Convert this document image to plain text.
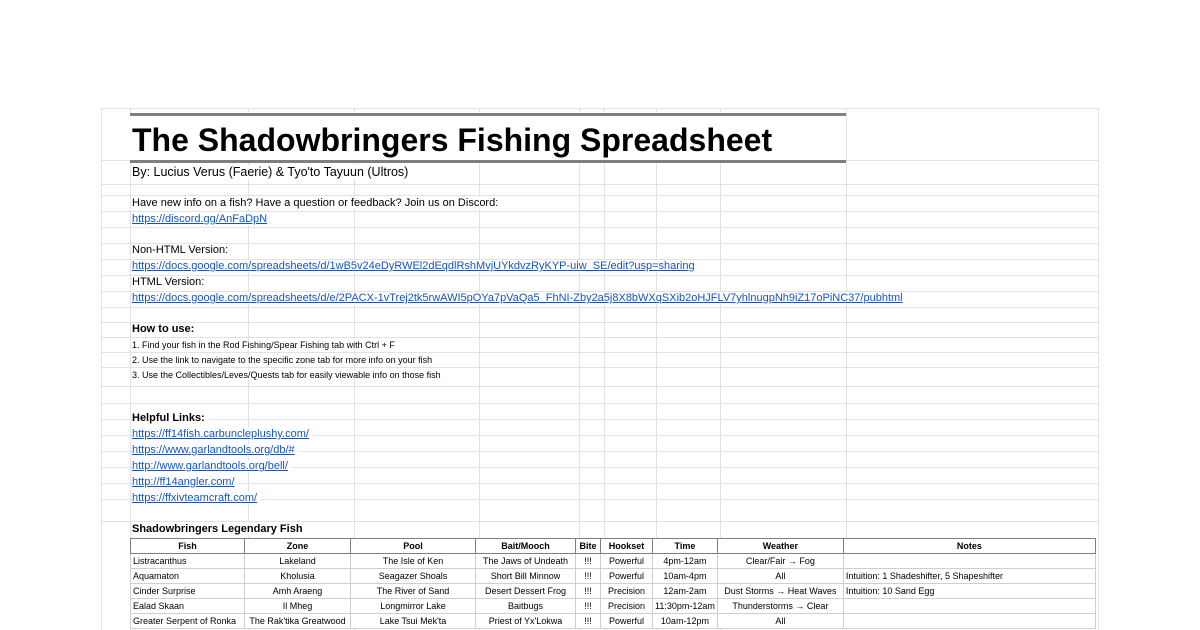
The Shadowbringers Fishing Spreadsheet
By: Lucius Verus (Faerie) & Tyo'to Tayuun (Ultros)
Have new info on a fish? Have a question or feedback? Join us on Discord:
https://discord.gg/AnFaDpN
Non-HTML Version:
https://docs.google.com/spreadsheets/d/1wB5v24eDyRWEl2dEqdlRshMvjUYkdvzRyKYP-uiw_SE/edit?usp=sharing
HTML Version:
https://docs.google.com/spreadsheets/d/e/2PACX-1vTrej2tk5rwAWI5pOYa7pVaQa5_FhNI-Zby2a5j8X8bWXqSXib2oHJFLV7yhlnugpNh9iZ17oPiNC37/pubhtml
How to use:
1. Find your fish in the Rod Fishing/Spear Fishing tab with Ctrl + F
2. Use the link to navigate to the specific zone tab for more info on your fish
3. Use the Collectibles/Leves/Quests tab for easily viewable info on those fish
Helpful Links:
https://ff14fish.carbuncleplushy.com/
https://www.garlandtools.org/db/#
http://www.garlandtools.org/bell/
http://ff14angler.com/
https://ffxivteamcraft.com/
Shadowbringers Legendary Fish
Fish	Zone	Pool	Bait/Mooch	Bite	Hookset	Time	Weather	Notes
Listracanthus	Lakeland	The Isle of Ken	The Jaws of Undeath	!!!	Powerful	4pm-12am	Clear/Fair → Fog	
Aquamaton	Kholusia	Seagazer Shoals	Short Bill Minnow	!!!	Powerful	10am-4pm	All	Intuition: 1 Shadeshifter, 5 Shapeshifter
Cinder Surprise	Amh Araeng	The River of Sand	Desert Dessert Frog	!!!	Precision	12am-2am	Dust Storms → Heat Waves	Intuition: 10 Sand Egg
Ealad Skaan	Il Mheg	Longmirror Lake	Baitbugs	!!!	Precision	11:30pm-12am	Thunderstorms → Clear	
Greater Serpent of Ronka	The Rak'tika Greatwood	Lake Tsui Mek'ta	Priest of Yx'Lokwa	!!!	Powerful	10am-12pm	All	
